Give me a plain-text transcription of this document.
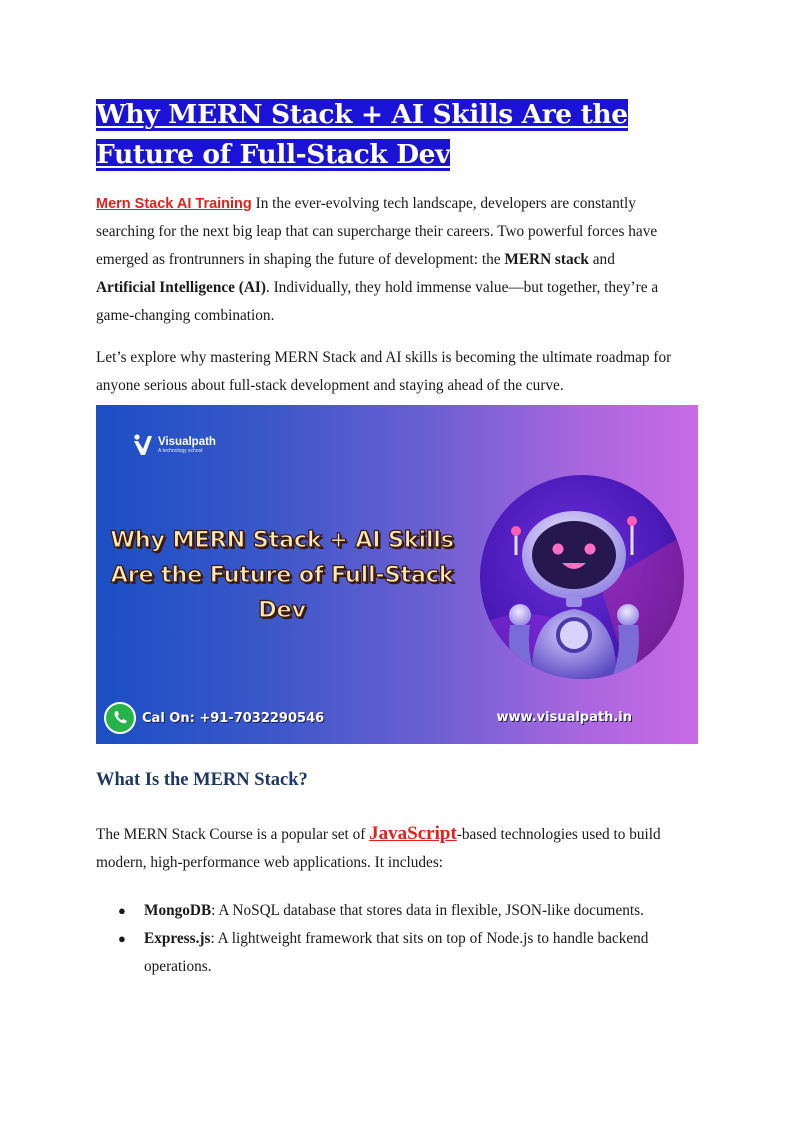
Why MERN Stack + AI Skills Are the Future of Full-Stack Dev

Mern Stack AI Training In the ever-evolving tech landscape, developers are constantly searching for the next big leap that can supercharge their careers. Two powerful forces have emerged as frontrunners in shaping the future of development: the MERN stack and
Artificial Intelligence (AI). Individually, they hold immense value—but together, they’re a game-changing combination.

Let’s explore why mastering MERN Stack and AI skills is becoming the ultimate roadmap for anyone serious about full-stack development and staying ahead of the curve.

Visualpath
A technology school
Why MERN Stack + AI Skills
Are the Future of Full-Stack
Dev
Cal On: +91-7032290546	www.visualpath.in
What Is the MERN Stack?

The MERN Stack Course is a popular set of JavaScript-based technologies used to build modern, high-performance web applications. It includes:

● MongoDB: A NoSQL database that stores data in flexible, JSON-like documents.
● Express.js: A lightweight framework that sits on top of Node.js to handle backend operations.
